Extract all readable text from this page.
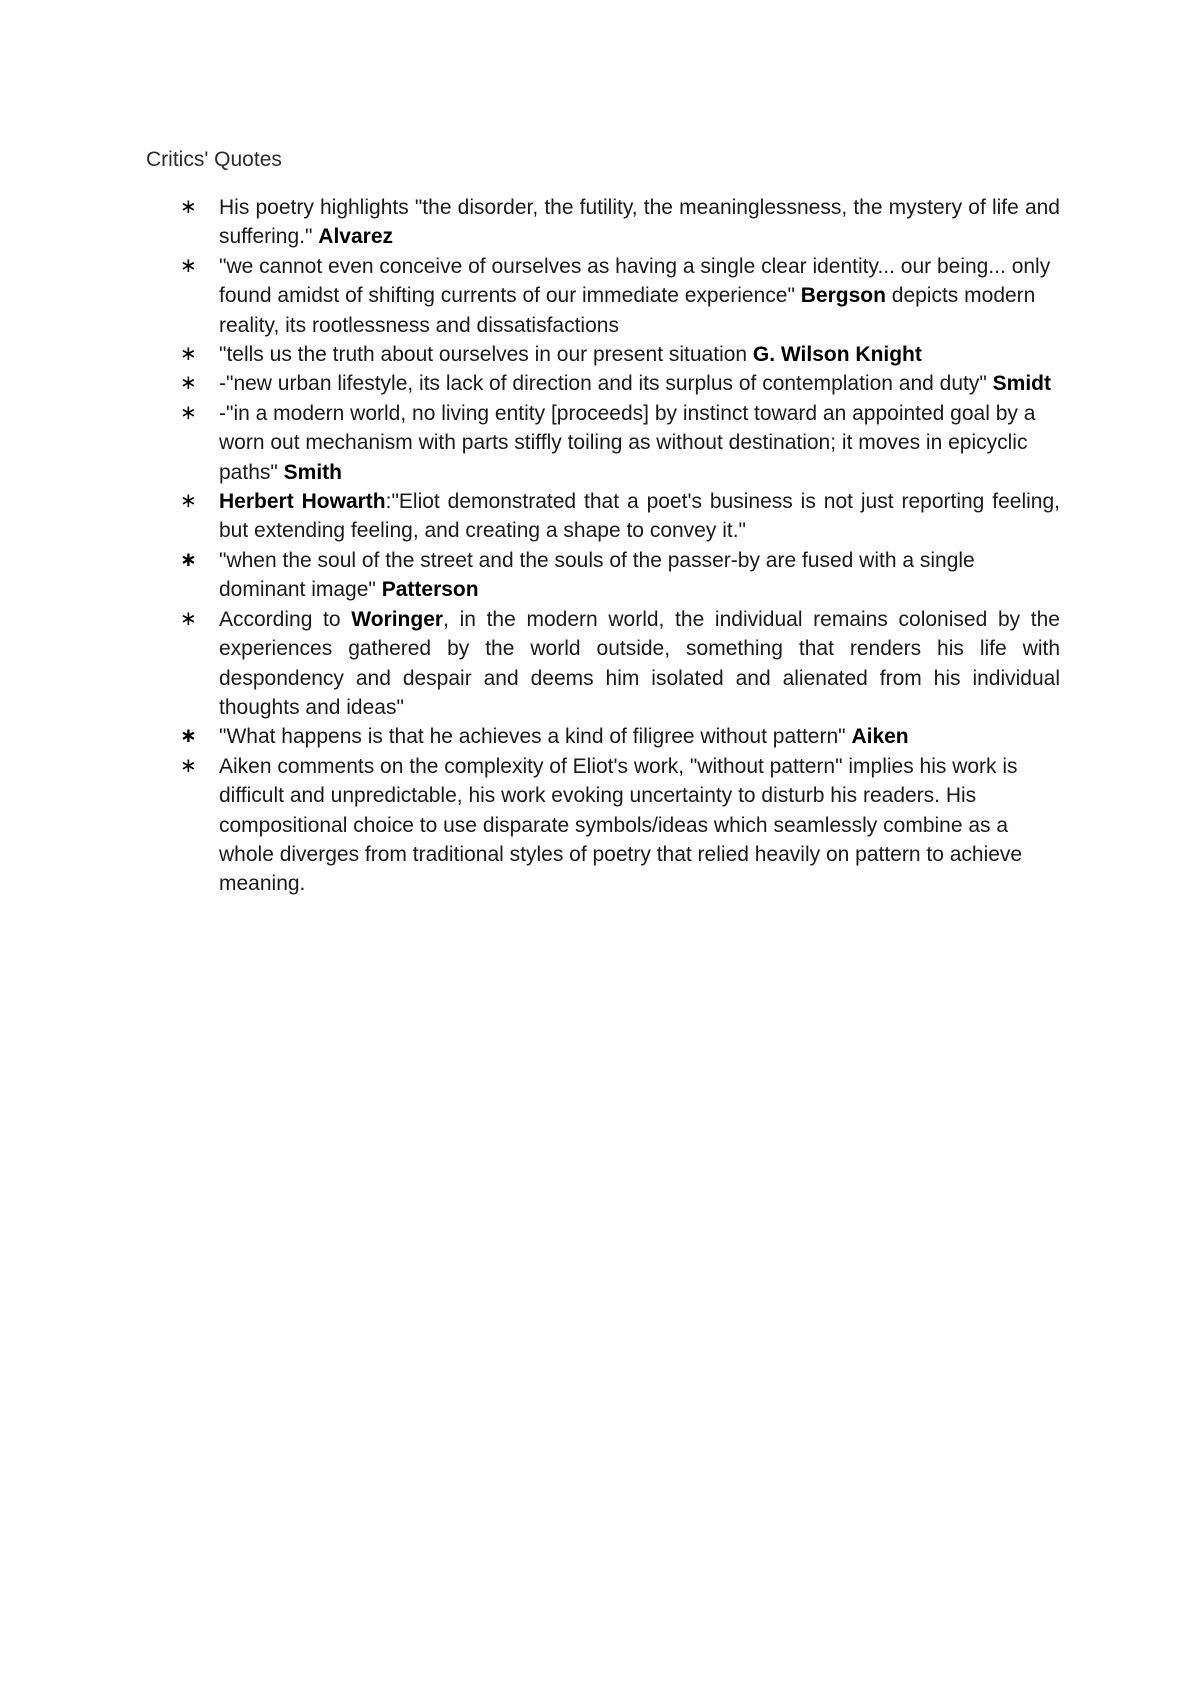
Critics' Quotes
∗ His poetry highlights "the disorder, the futility, the meaninglessness, the mystery of life and suffering." Alvarez
∗ "we cannot even conceive of ourselves as having a single clear identity... our being... only found amidst of shifting currents of our immediate experience" Bergson depicts modern reality, its rootlessness and dissatisfactions
∗ "tells us the truth about ourselves in our present situation G. Wilson Knight
∗ -"new urban lifestyle, its lack of direction and its surplus of contemplation and duty" Smidt
∗ -"in a modern world, no living entity [proceeds] by instinct toward an appointed goal by a worn out mechanism with parts stiffly toiling as without destination; it moves in epicyclic paths" Smith
∗ Herbert Howarth:"Eliot demonstrated that a poet's business is not just reporting feeling, but extending feeling, and creating a shape to convey it."
∗ "when the soul of the street and the souls of the passer-by are fused with a single dominant image" Patterson
∗ According to Woringer, in the modern world, the individual remains colonised by the experiences gathered by the world outside, something that renders his life with despondency and despair and deems him isolated and alienated from his individual thoughts and ideas"
∗ "What happens is that he achieves a kind of filigree without pattern" Aiken
∗ Aiken comments on the complexity of Eliot's work, "without pattern" implies his work is difficult and unpredictable, his work evoking uncertainty to disturb his readers. His compositional choice to use disparate symbols/ideas which seamlessly combine as a whole diverges from traditional styles of poetry that relied heavily on pattern to achieve meaning.
